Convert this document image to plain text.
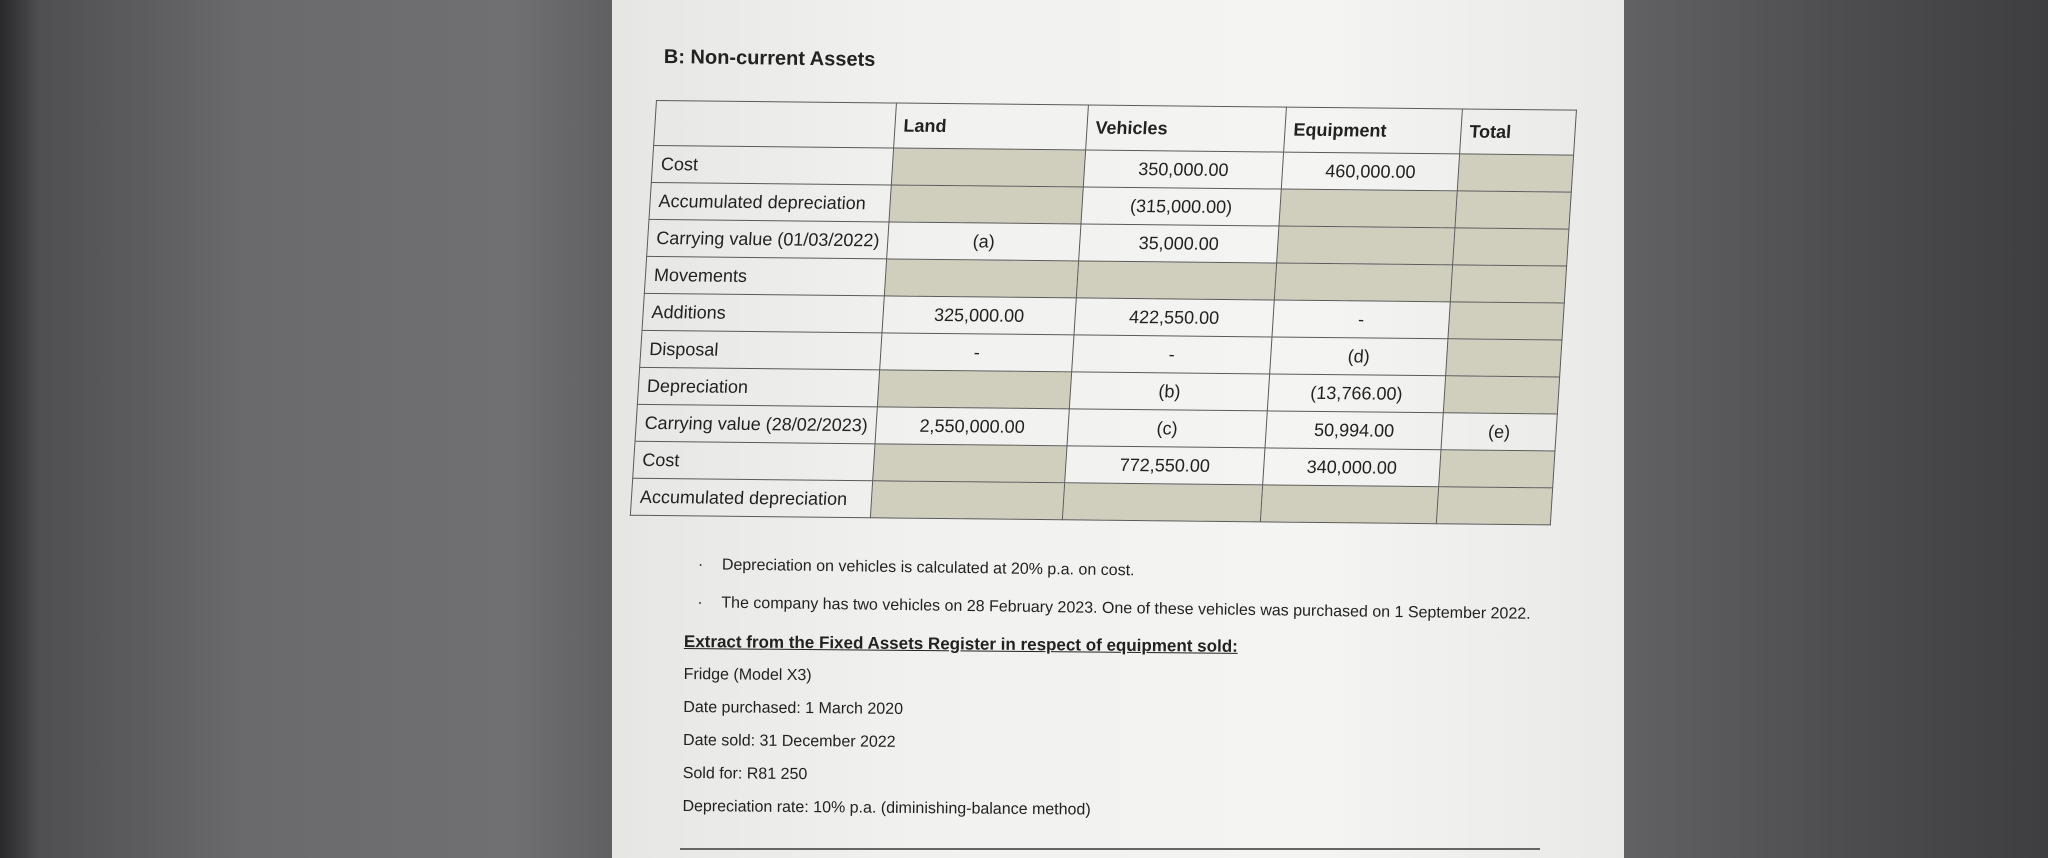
B: Non-current Assets
	Land	Vehicles	Equipment	Total
Cost		350,000.00	460,000.00	
Accumulated depreciation		(315,000.00)		
Carrying value (01/03/2022)	(a)	35,000.00		
Movements				
Additions	325,000.00	422,550.00	-	
Disposal	-	-	(d)	
Depreciation		(b)	(13,766.00)	
Carrying value (28/02/2023)	2,550,000.00	(c)	50,994.00	(e)
Cost		772,550.00	340,000.00	
Accumulated depreciation				
· Depreciation on vehicles is calculated at 20% p.a. on cost.
· The company has two vehicles on 28 February 2023. One of these vehicles was purchased on 1 September 2022.
Extract from the Fixed Assets Register in respect of equipment sold:
Fridge (Model X3)
Date purchased: 1 March 2020
Date sold: 31 December 2022
Sold for: R81 250
Depreciation rate: 10% p.a. (diminishing-balance method)
